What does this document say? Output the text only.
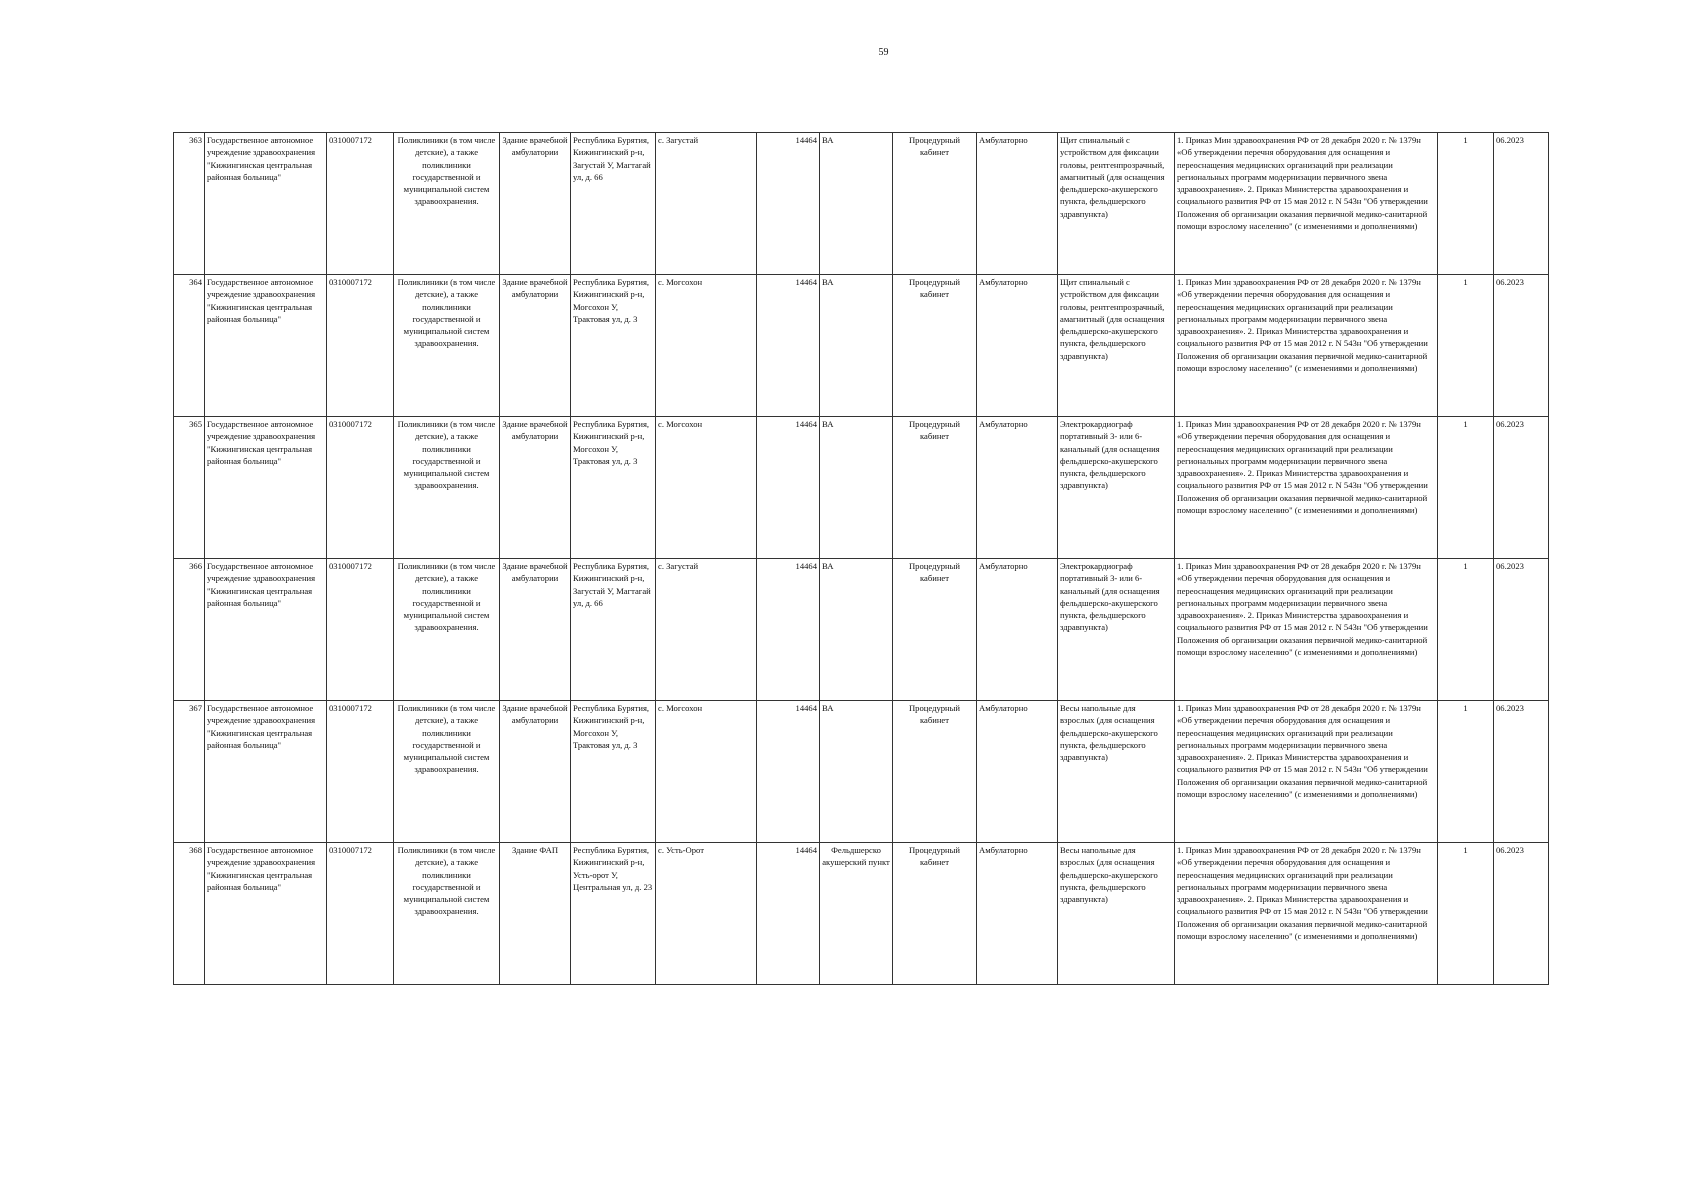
59
363	Государственное автономное учреждение здравоохранения "Кижингинская центральная районная больница"	0310007172	Поликлиники (в том числе детские), а также поликлиники государственной и муниципальной систем здравоохранения.	Здание врачебной амбулатории	Республика Бурятия, Кижингинский р-н, Загустай У, Магтагай ул, д. 66	с. Загустай	14464	ВА	Процедурный кабинет	Амбулаторно	Щит спинальный с устройством для фиксации головы, рентгенпрозрачный, амагнитный (для оснащения фельдшерско-акушерского пункта, фельдшерского здравпункта)	1. Приказ Мин здравоохранения РФ от 28 декабря 2020 г. № 1379н «Об утверждении перечня оборудования для оснащения и переоснащения медицинских организаций при реализации региональных программ модернизации первичного звена здравоохранения». 2. Приказ Министерства здравоохранения и социального развития РФ от 15 мая 2012 г. N 543н "Об утверждении Положения об организации оказания первичной медико-санитарной помощи взрослому населению" (с изменениями и дополнениями)	1	06.2023
364	Государственное автономное учреждение здравоохранения "Кижингинская центральная районная больница"	0310007172	Поликлиники (в том числе детские), а также поликлиники государственной и муниципальной систем здравоохранения.	Здание врачебной амбулатории	Республика Бурятия, Кижингинский р-н, Могсохон У, Трактовая ул, д. 3	с. Могсохон	14464	ВА	Процедурный кабинет	Амбулаторно	Щит спинальный с устройством для фиксации головы, рентгенпрозрачный, амагнитный (для оснащения фельдшерско-акушерского пункта, фельдшерского здравпункта)	1. Приказ Мин здравоохранения РФ от 28 декабря 2020 г. № 1379н «Об утверждении перечня оборудования для оснащения и переоснащения медицинских организаций при реализации региональных программ модернизации первичного звена здравоохранения». 2. Приказ Министерства здравоохранения и социального развития РФ от 15 мая 2012 г. N 543н "Об утверждении Положения об организации оказания первичной медико-санитарной помощи взрослому населению" (с изменениями и дополнениями)	1	06.2023
365	Государственное автономное учреждение здравоохранения "Кижингинская центральная районная больница"	0310007172	Поликлиники (в том числе детские), а также поликлиники государственной и муниципальной систем здравоохранения.	Здание врачебной амбулатории	Республика Бурятия, Кижингинский р-н, Могсохон У, Трактовая ул, д. 3	с. Могсохон	14464	ВА	Процедурный кабинет	Амбулаторно	Электрокардиограф портативный 3- или 6-канальный (для оснащения фельдшерско-акушерского пункта, фельдшерского здравпункта)	1. Приказ Мин здравоохранения РФ от 28 декабря 2020 г. № 1379н «Об утверждении перечня оборудования для оснащения и переоснащения медицинских организаций при реализации региональных программ модернизации первичного звена здравоохранения». 2. Приказ Министерства здравоохранения и социального развития РФ от 15 мая 2012 г. N 543н "Об утверждении Положения об организации оказания первичной медико-санитарной помощи взрослому населению" (с изменениями и дополнениями)	1	06.2023
366	Государственное автономное учреждение здравоохранения "Кижингинская центральная районная больница"	0310007172	Поликлиники (в том числе детские), а также поликлиники государственной и муниципальной систем здравоохранения.	Здание врачебной амбулатории	Республика Бурятия, Кижингинский р-н, Загустай У, Магтагай ул, д. 66	с. Загустай	14464	ВА	Процедурный кабинет	Амбулаторно	Электрокардиограф портативный 3- или 6-канальный (для оснащения фельдшерско-акушерского пункта, фельдшерского здравпункта)	1. Приказ Мин здравоохранения РФ от 28 декабря 2020 г. № 1379н «Об утверждении перечня оборудования для оснащения и переоснащения медицинских организаций при реализации региональных программ модернизации первичного звена здравоохранения». 2. Приказ Министерства здравоохранения и социального развития РФ от 15 мая 2012 г. N 543н "Об утверждении Положения об организации оказания первичной медико-санитарной помощи взрослому населению" (с изменениями и дополнениями)	1	06.2023
367	Государственное автономное учреждение здравоохранения "Кижингинская центральная районная больница"	0310007172	Поликлиники (в том числе детские), а также поликлиники государственной и муниципальной систем здравоохранения.	Здание врачебной амбулатории	Республика Бурятия, Кижингинский р-н, Могсохон У, Трактовая ул, д. 3	с. Могсохон	14464	ВА	Процедурный кабинет	Амбулаторно	Весы напольные для взрослых (для оснащения фельдшерско-акушерского пункта, фельдшерского здравпункта)	1. Приказ Мин здравоохранения РФ от 28 декабря 2020 г. № 1379н «Об утверждении перечня оборудования для оснащения и переоснащения медицинских организаций при реализации региональных программ модернизации первичного звена здравоохранения». 2. Приказ Министерства здравоохранения и социального развития РФ от 15 мая 2012 г. N 543н "Об утверждении Положения об организации оказания первичной медико-санитарной помощи взрослому населению" (с изменениями и дополнениями)	1	06.2023
368	Государственное автономное учреждение здравоохранения "Кижингинская центральная районная больница"	0310007172	Поликлиники (в том числе детские), а также поликлиники государственной и муниципальной систем здравоохранения.	Здание ФАП	Республика Бурятия, Кижингинский р-н, Усть-орот У, Центральная ул, д. 23	с. Усть-Орот	14464	Фельдшерско акушерский пункт	Процедурный кабинет	Амбулаторно	Весы напольные для взрослых (для оснащения фельдшерско-акушерского пункта, фельдшерского здравпункта)	1. Приказ Мин здравоохранения РФ от 28 декабря 2020 г. № 1379н «Об утверждении перечня оборудования для оснащения и переоснащения медицинских организаций при реализации региональных программ модернизации первичного звена здравоохранения». 2. Приказ Министерства здравоохранения и социального развития РФ от 15 мая 2012 г. N 543н "Об утверждении Положения об организации оказания первичной медико-санитарной помощи взрослому населению" (с изменениями и дополнениями)	1	06.2023
